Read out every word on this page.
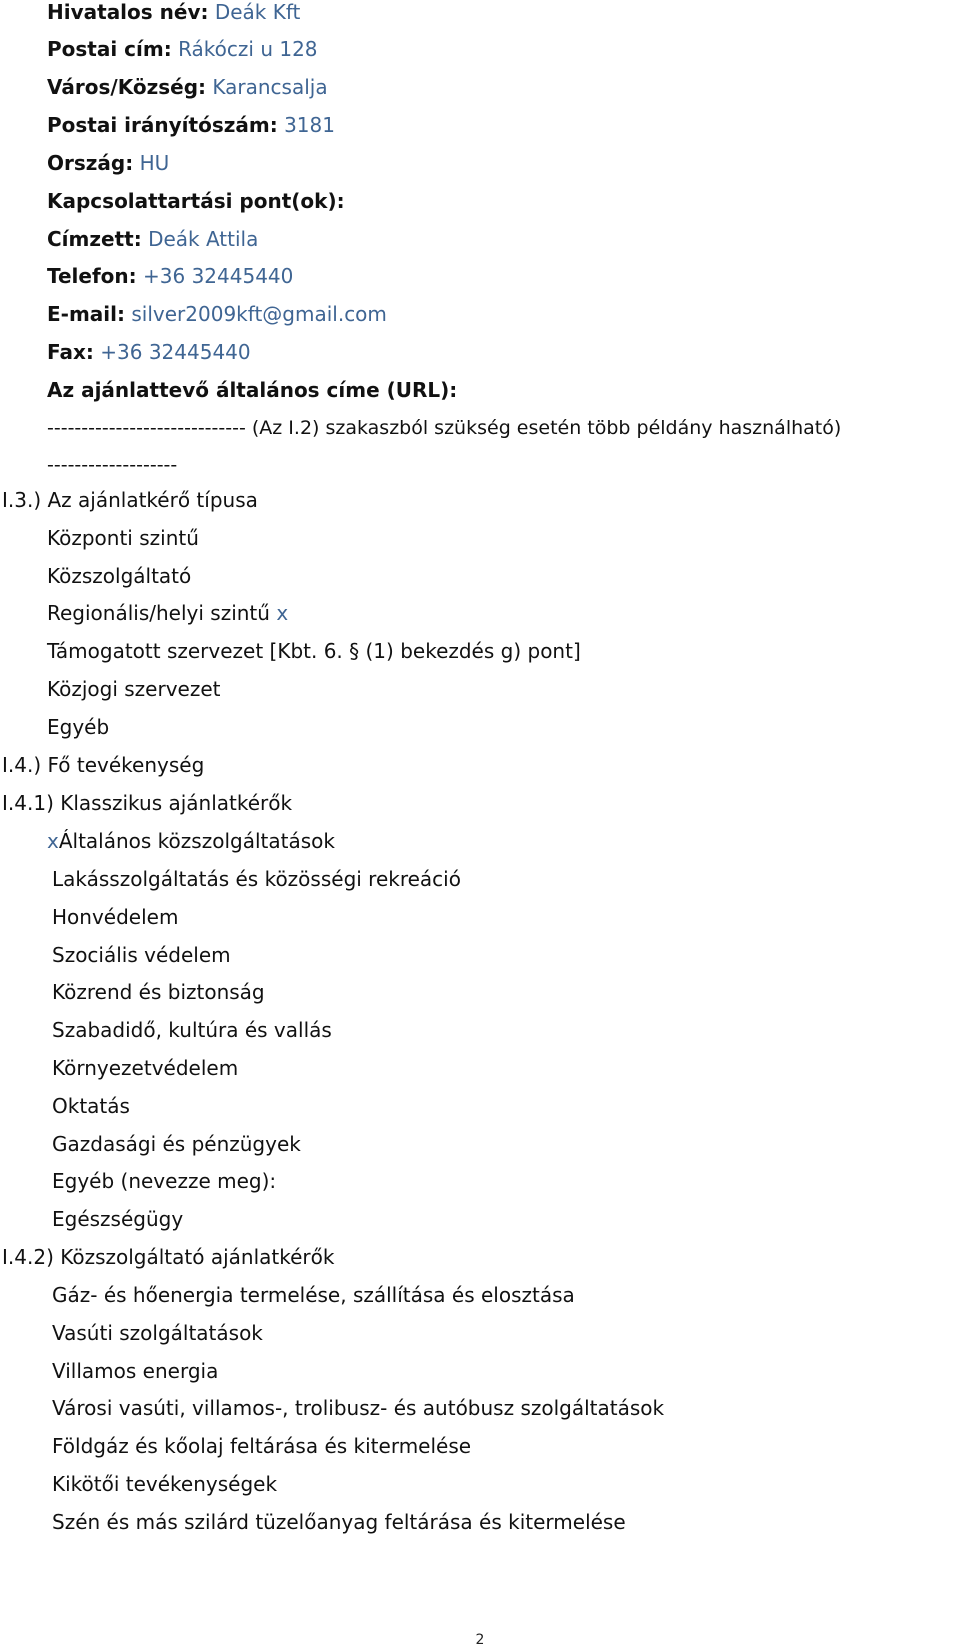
Hivatalos név: Deák Kft
Postai cím: Rákóczi u 128
Város/Község: Karancsalja
Postai irányítószám: 3181
Ország: HU
Kapcsolattartási pont(ok):
Címzett: Deák Attila
Telefon: +36 32445440
E-mail: silver2009kft@gmail.com
Fax: +36 32445440
Az ajánlattevő általános címe (URL):
----------------------------- (Az I.2) szakaszból szükség esetén több példány használható)
-------------------
I.3.) Az ajánlatkérő típusa
Központi szintű
Közszolgáltató
Regionális/helyi szintű x
Támogatott szervezet [Kbt. 6. § (1) bekezdés g) pont]
Közjogi szervezet
Egyéb
I.4.) Fő tevékenység
I.4.1) Klasszikus ajánlatkérők
xÁltalános közszolgáltatások
Lakásszolgáltatás és közösségi rekreáció
Honvédelem
Szociális védelem
Közrend és biztonság
Szabadidő, kultúra és vallás
Környezetvédelem
Oktatás
Gazdasági és pénzügyek
Egyéb (nevezze meg):
Egészségügy
I.4.2) Közszolgáltató ajánlatkérők
Gáz- és hőenergia termelése, szállítása és elosztása
Vasúti szolgáltatások
Villamos energia
Városi vasúti, villamos-, trolibusz- és autóbusz szolgáltatások
Földgáz és kőolaj feltárása és kitermelése
Kikötői tevékenységek
Szén és más szilárd tüzelőanyag feltárása és kitermelése
2
